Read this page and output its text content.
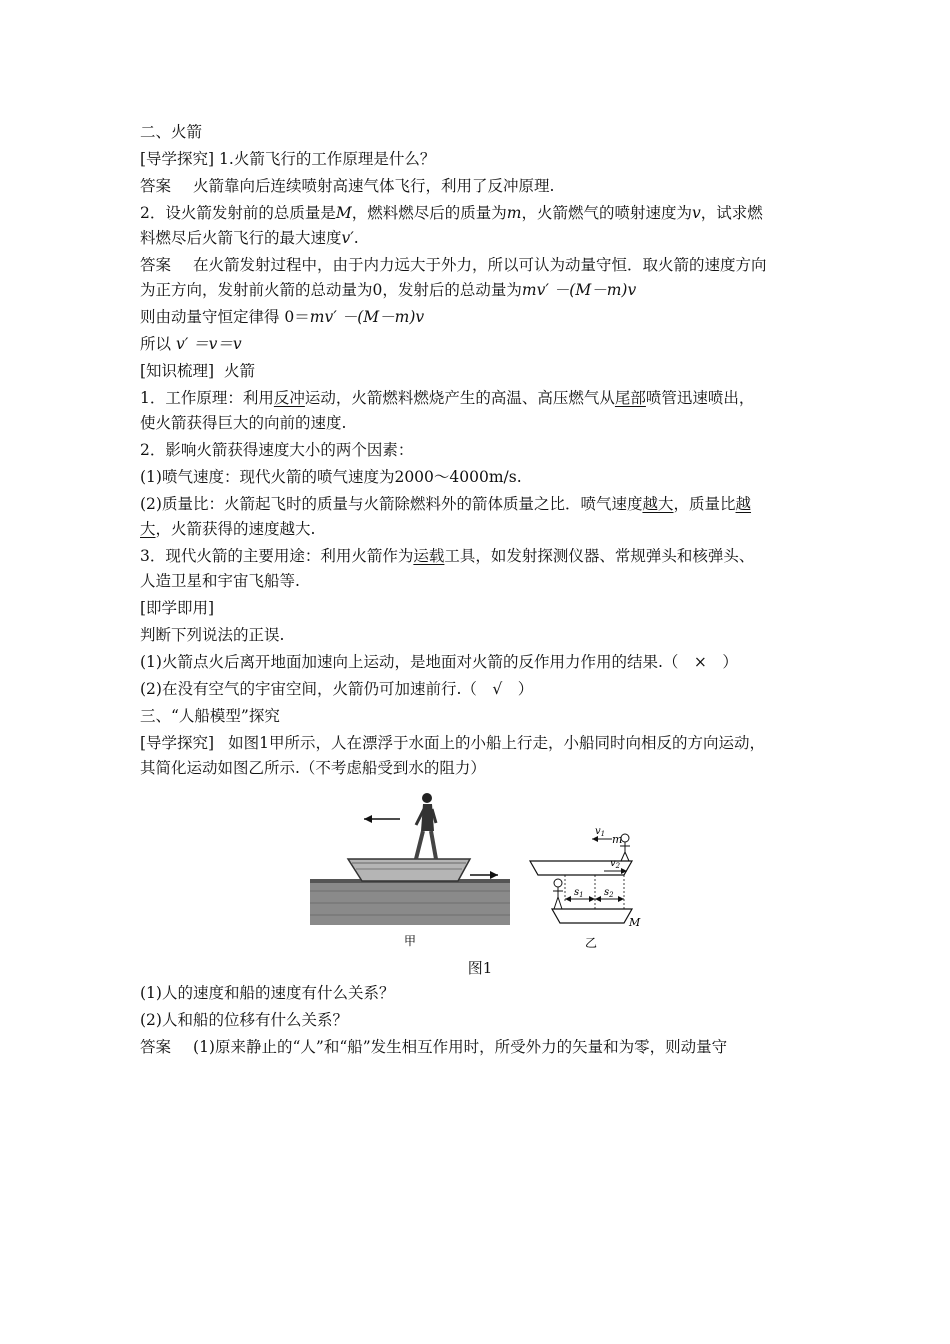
二、火箭
[导学探究] 1.火箭飞行的工作原理是什么？
答案 火箭靠向后连续喷射高速气体飞行，利用了反冲原理.
2．设火箭发射前的总质量是M，燃料燃尽后的质量为m，火箭燃气的喷射速度为v，试求燃
料燃尽后火箭飞行的最大速度v′.
答案 在火箭发射过程中，由于内力远大于外力，所以可认为动量守恒．取火箭的速度方向
为正方向，发射前火箭的总动量为0，发射后的总动量为mv′ －(M－m)v
则由动量守恒定律得 0＝mv′ －(M－m)v
所以 v′ ＝v＝v
[知识梳理] 火箭
1．工作原理：利用反冲运动，火箭燃料燃烧产生的高温、高压燃气从尾部喷管迅速喷出，
使火箭获得巨大的向前的速度.
2．影响火箭获得速度大小的两个因素：
(1)喷气速度：现代火箭的喷气速度为2000～4000m/s.
(2)质量比：火箭起飞时的质量与火箭除燃料外的箭体质量之比．喷气速度越大，质量比越
大，火箭获得的速度越大.
3．现代火箭的主要用途：利用火箭作为运载工具，如发射探测仪器、常规弹头和核弹头、
人造卫星和宇宙飞船等.
[即学即用]
判断下列说法的正误.
(1)火箭点火后离开地面加速向上运动，是地面对火箭的反作用力作用的结果.（　×　）
(2)在没有空气的宇宙空间，火箭仍可加速前行.（　√　）
三、“人船模型”探究
[导学探究] 如图1甲所示，人在漂浮于水面上的小船上行走，小船同时向相反的方向运动，
其简化运动如图乙所示.（不考虑船受到水的阻力）
甲
$v_1$ m
$v_2$
$s_1$ $s_2$
M
乙
图1
(1)人的速度和船的速度有什么关系？
(2)人和船的位移有什么关系？
答案 (1)原来静止的“人”和“船”发生相互作用时，所受外力的矢量和为零，则动量守
